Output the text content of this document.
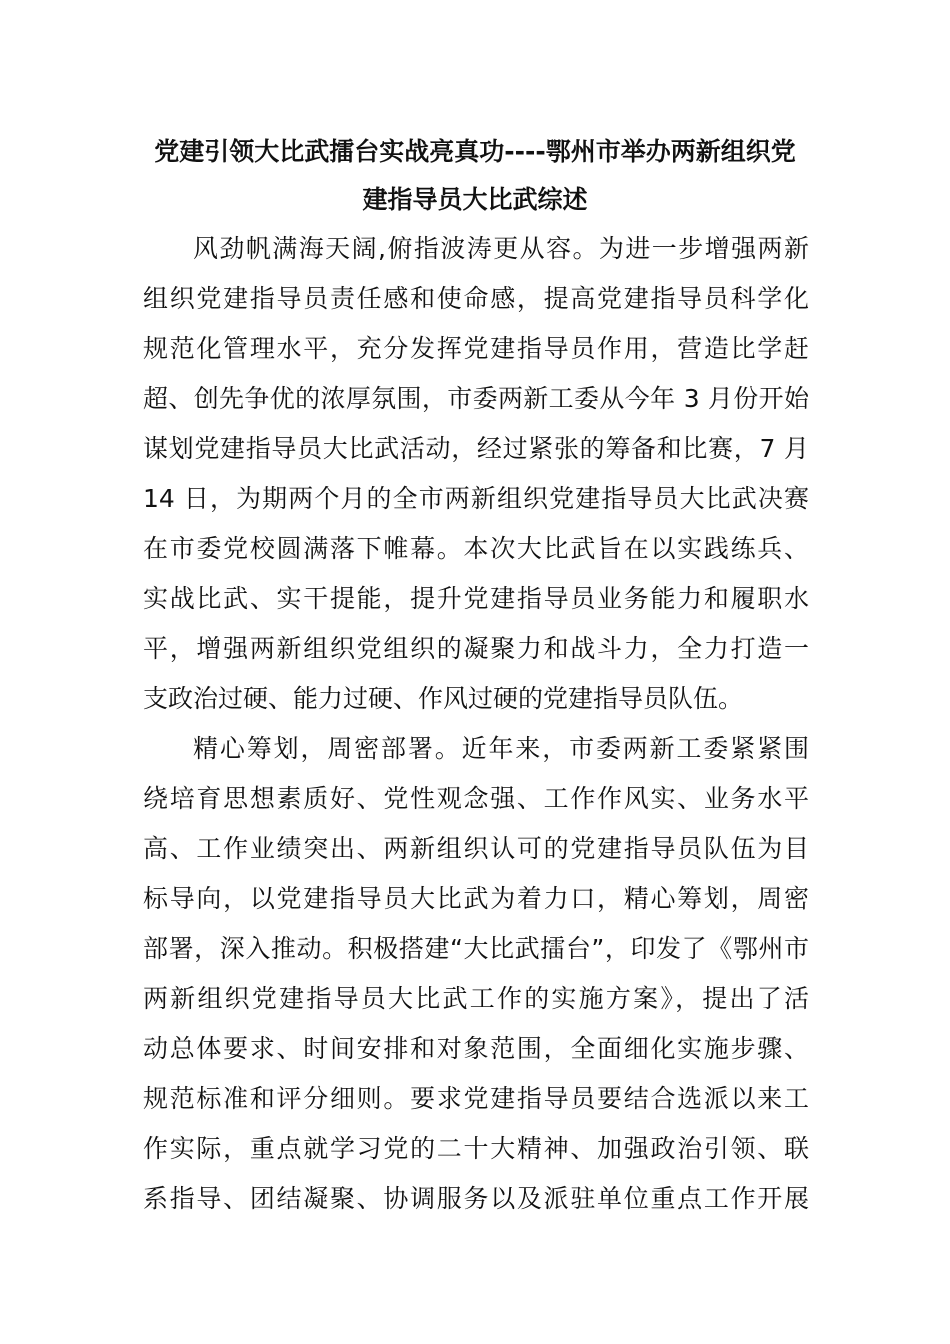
党建引领大比武擂台实战亮真功----鄂州市举办两新组织党
建指导员大比武综述
风劲帆满海天阔,俯指波涛更从容。为进一步增强两新
组织党建指导员责任感和使命感，提高党建指导员科学化
规范化管理水平，充分发挥党建指导员作用，营造比学赶
超、创先争优的浓厚氛围，市委两新工委从今年 3 月份开始
谋划党建指导员大比武活动，经过紧张的筹备和比赛，7 月
14 日，为期两个月的全市两新组织党建指导员大比武决赛
在市委党校圆满落下帷幕。本次大比武旨在以实践练兵、
实战比武、实干提能，提升党建指导员业务能力和履职水
平，增强两新组织党组织的凝聚力和战斗力，全力打造一
支政治过硬、能力过硬、作风过硬的党建指导员队伍。
精心筹划，周密部署。近年来，市委两新工委紧紧围
绕培育思想素质好、党性观念强、工作作风实、业务水平
高、工作业绩突出、两新组织认可的党建指导员队伍为目
标导向，以党建指导员大比武为着力口，精心筹划，周密
部署，深入推动。积极搭建“大比武擂台”，印发了《鄂州市
两新组织党建指导员大比武工作的实施方案》，提出了活
动总体要求、时间安排和对象范围，全面细化实施步骤、
规范标准和评分细则。要求党建指导员要结合选派以来工
作实际，重点就学习党的二十大精神、加强政治引领、联
系指导、团结凝聚、协调服务以及派驻单位重点工作开展
